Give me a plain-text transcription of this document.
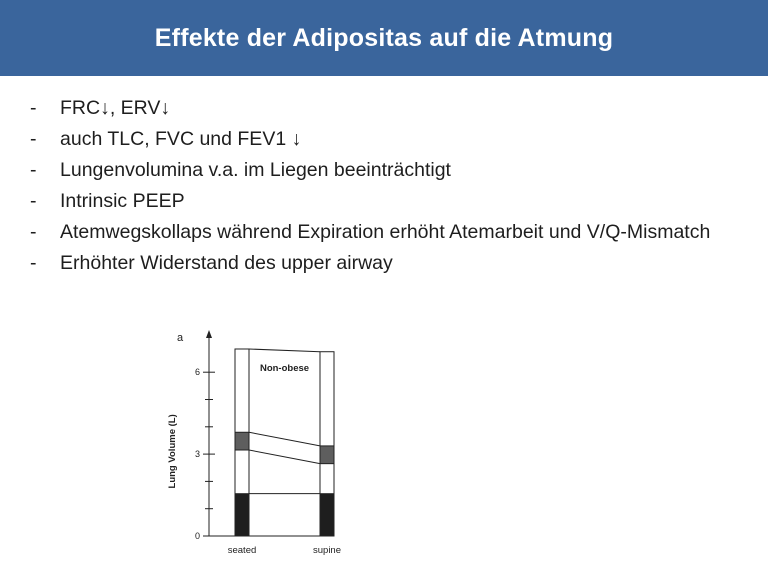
Effekte der Adipositas auf die Atmung
- FRC↓, ERV↓
- auch TLC, FVC und FEV1 ↓
- Lungenvolumina v.a. im Liegen beeinträchtigt
- Intrinsic PEEP
- Atemwegskollaps während Expiration erhöht Atemarbeit und V/Q-Mismatch
- Erhöhter Widerstand des upper airway
a
0
3
6
Lung Volume (L)
seated	supine
Non-obese
